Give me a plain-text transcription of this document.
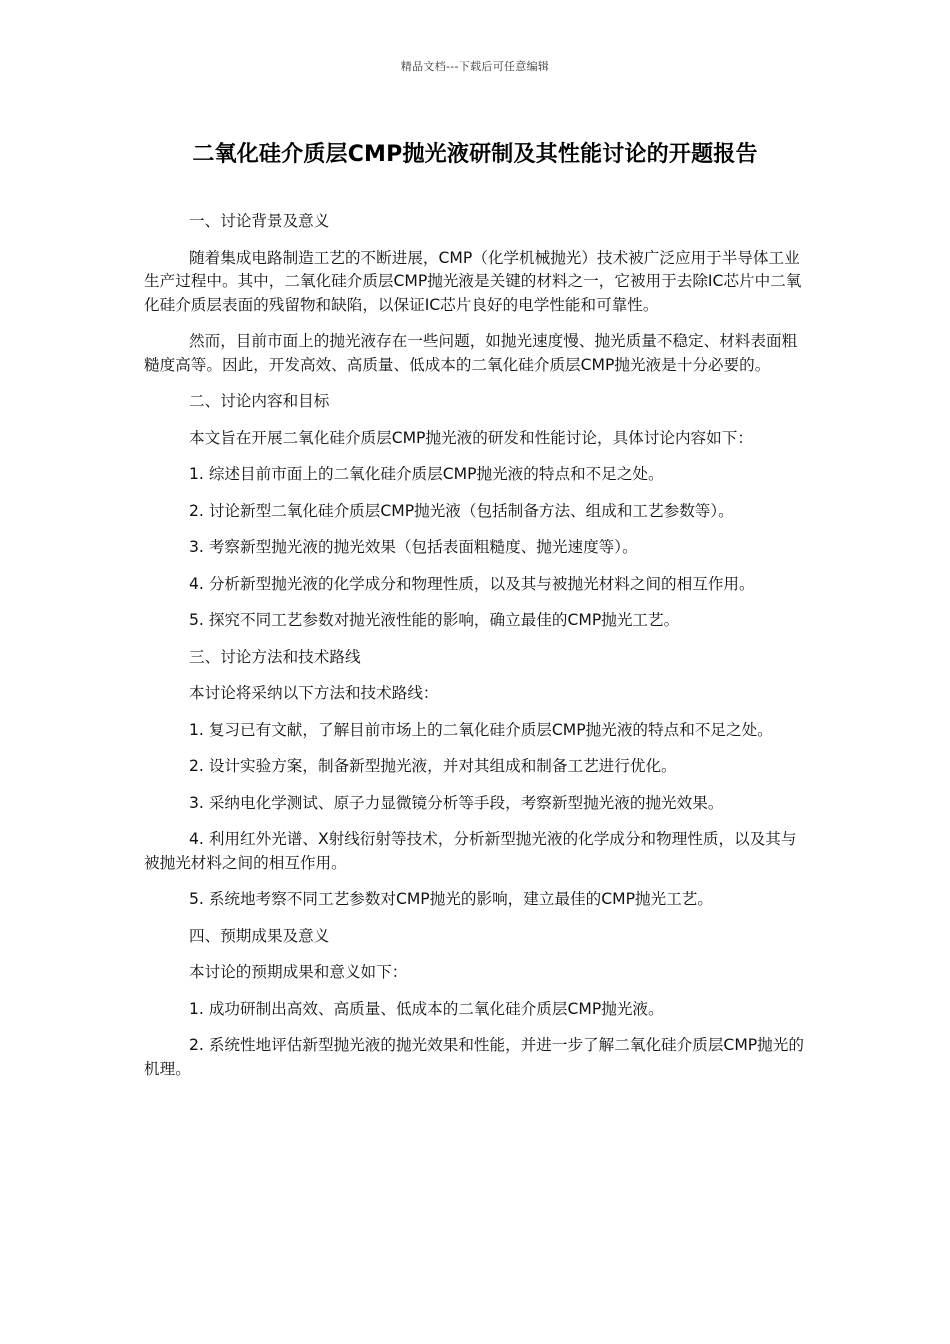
精品文档---下载后可任意编辑
二氧化硅介质层CMP抛光液研制及其性能讨论的开题报告
一、讨论背景及意义
随着集成电路制造工艺的不断进展，CMP（化学机械抛光）技术被广泛应用于半导体工业生产过程中。其中，二氧化硅介质层CMP抛光液是关键的材料之一，它被用于去除IC芯片中二氧化硅介质层表面的残留物和缺陷，以保证IC芯片良好的电学性能和可靠性。
然而，目前市面上的抛光液存在一些问题，如抛光速度慢、抛光质量不稳定、材料表面粗糙度高等。因此，开发高效、高质量、低成本的二氧化硅介质层CMP抛光液是十分必要的。
二、讨论内容和目标
本文旨在开展二氧化硅介质层CMP抛光液的研发和性能讨论，具体讨论内容如下：
1. 综述目前市面上的二氧化硅介质层CMP抛光液的特点和不足之处。
2. 讨论新型二氧化硅介质层CMP抛光液（包括制备方法、组成和工艺参数等）。
3. 考察新型抛光液的抛光效果（包括表面粗糙度、抛光速度等）。
4. 分析新型抛光液的化学成分和物理性质，以及其与被抛光材料之间的相互作用。
5. 探究不同工艺参数对抛光液性能的影响，确立最佳的CMP抛光工艺。
三、讨论方法和技术路线
本讨论将采纳以下方法和技术路线：
1. 复习已有文献，了解目前市场上的二氧化硅介质层CMP抛光液的特点和不足之处。
2. 设计实验方案，制备新型抛光液，并对其组成和制备工艺进行优化。
3. 采纳电化学测试、原子力显微镜分析等手段，考察新型抛光液的抛光效果。
4. 利用红外光谱、X射线衍射等技术，分析新型抛光液的化学成分和物理性质，以及其与被抛光材料之间的相互作用。
5. 系统地考察不同工艺参数对CMP抛光的影响，建立最佳的CMP抛光工艺。
四、预期成果及意义
本讨论的预期成果和意义如下：
1. 成功研制出高效、高质量、低成本的二氧化硅介质层CMP抛光液。
2. 系统性地评估新型抛光液的抛光效果和性能，并进一步了解二氧化硅介质层CMP抛光的机理。
